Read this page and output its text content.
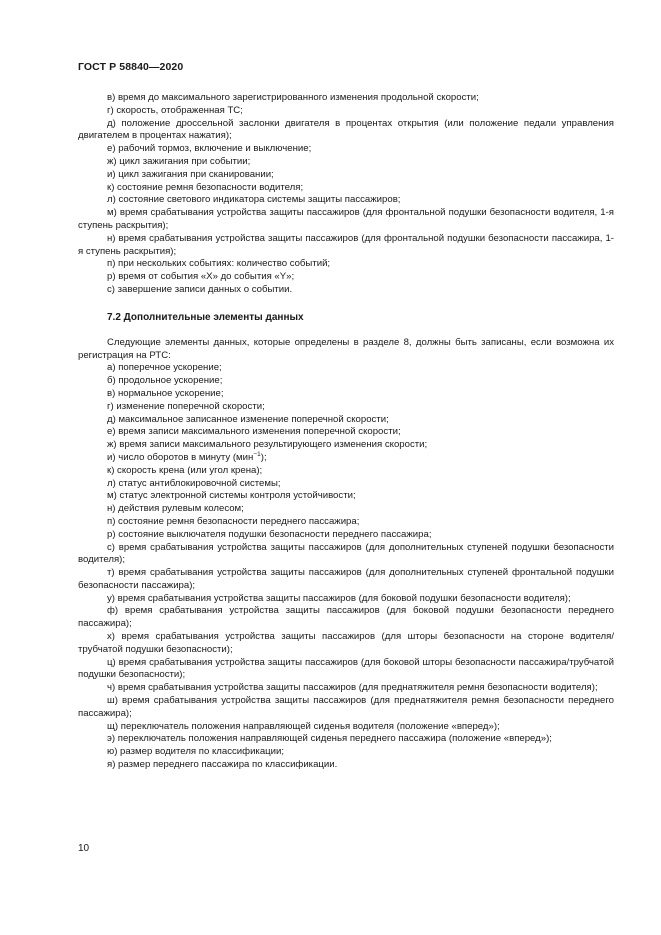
ГОСТ Р 58840—2020

в) время до максимального зарегистрированного изменения продольной скорости;

г) скорость, отображенная ТС;

д) положение дроссельной заслонки двигателя в процентах открытия (или положение педали управления двигателем в процентах нажатия);

е) рабочий тормоз, включение и выключение;

ж) цикл зажигания при событии;

и) цикл зажигания при сканировании;

к) состояние ремня безопасности водителя;

л) состояние светового индикатора системы защиты пассажиров;

м) время срабатывания устройства защиты пассажиров (для фронтальной подушки безопасности водителя, 1-я ступень раскрытия);

н) время срабатывания устройства защиты пассажиров (для фронтальной подушки безопасности пассажира, 1-я ступень раскрытия);

п) при нескольких событиях: количество событий;

р) время от события «X» до события «Y»;

с) завершение записи данных о событии.

7.2 Дополнительные элементы данных

Следующие элементы данных, которые определены в разделе 8, должны быть записаны, если возможна их регистрация на РТС:

а) поперечное ускорение;

б) продольное ускорение;

в) нормальное ускорение;

г) изменение поперечной скорости;

д) максимальное записанное изменение поперечной скорости;

е) время записи максимального изменения поперечной скорости;

ж) время записи максимального результирующего изменения скорости;

и) число оборотов в минуту (мин$^{-1}$);

к) скорость крена (или угол крена);

л) статус антиблокировочной системы;

м) статус электронной системы контроля устойчивости;

н) действия рулевым колесом;

п) состояние ремня безопасности переднего пассажира;

р) состояние выключателя подушки безопасности переднего пассажира;

с) время срабатывания устройства защиты пассажиров (для дополнительных ступеней подушки безопасности водителя);

т) время срабатывания устройства защиты пассажиров (для дополнительных ступеней фронтальной подушки безопасности пассажира);

у) время срабатывания устройства защиты пассажиров (для боковой подушки безопасности водителя);

ф) время срабатывания устройства защиты пассажиров (для боковой подушки безопасности переднего пассажира);

х) время срабатывания устройства защиты пассажиров (для шторы безопасности на стороне водителя/трубчатой подушки безопасности);

ц) время срабатывания устройства защиты пассажиров (для боковой шторы безопасности пассажира/трубчатой подушки безопасности);

ч) время срабатывания устройства защиты пассажиров (для преднатяжителя ремня безопасности водителя);

ш) время срабатывания устройства защиты пассажиров (для преднатяжителя ремня безопасности переднего пассажира);

щ) переключатель положения направляющей сиденья водителя (положение «вперед»);

э) переключатель положения направляющей сиденья переднего пассажира (положение «вперед»);

ю) размер водителя по классификации;

я) размер переднего пассажира по классификации.

10
